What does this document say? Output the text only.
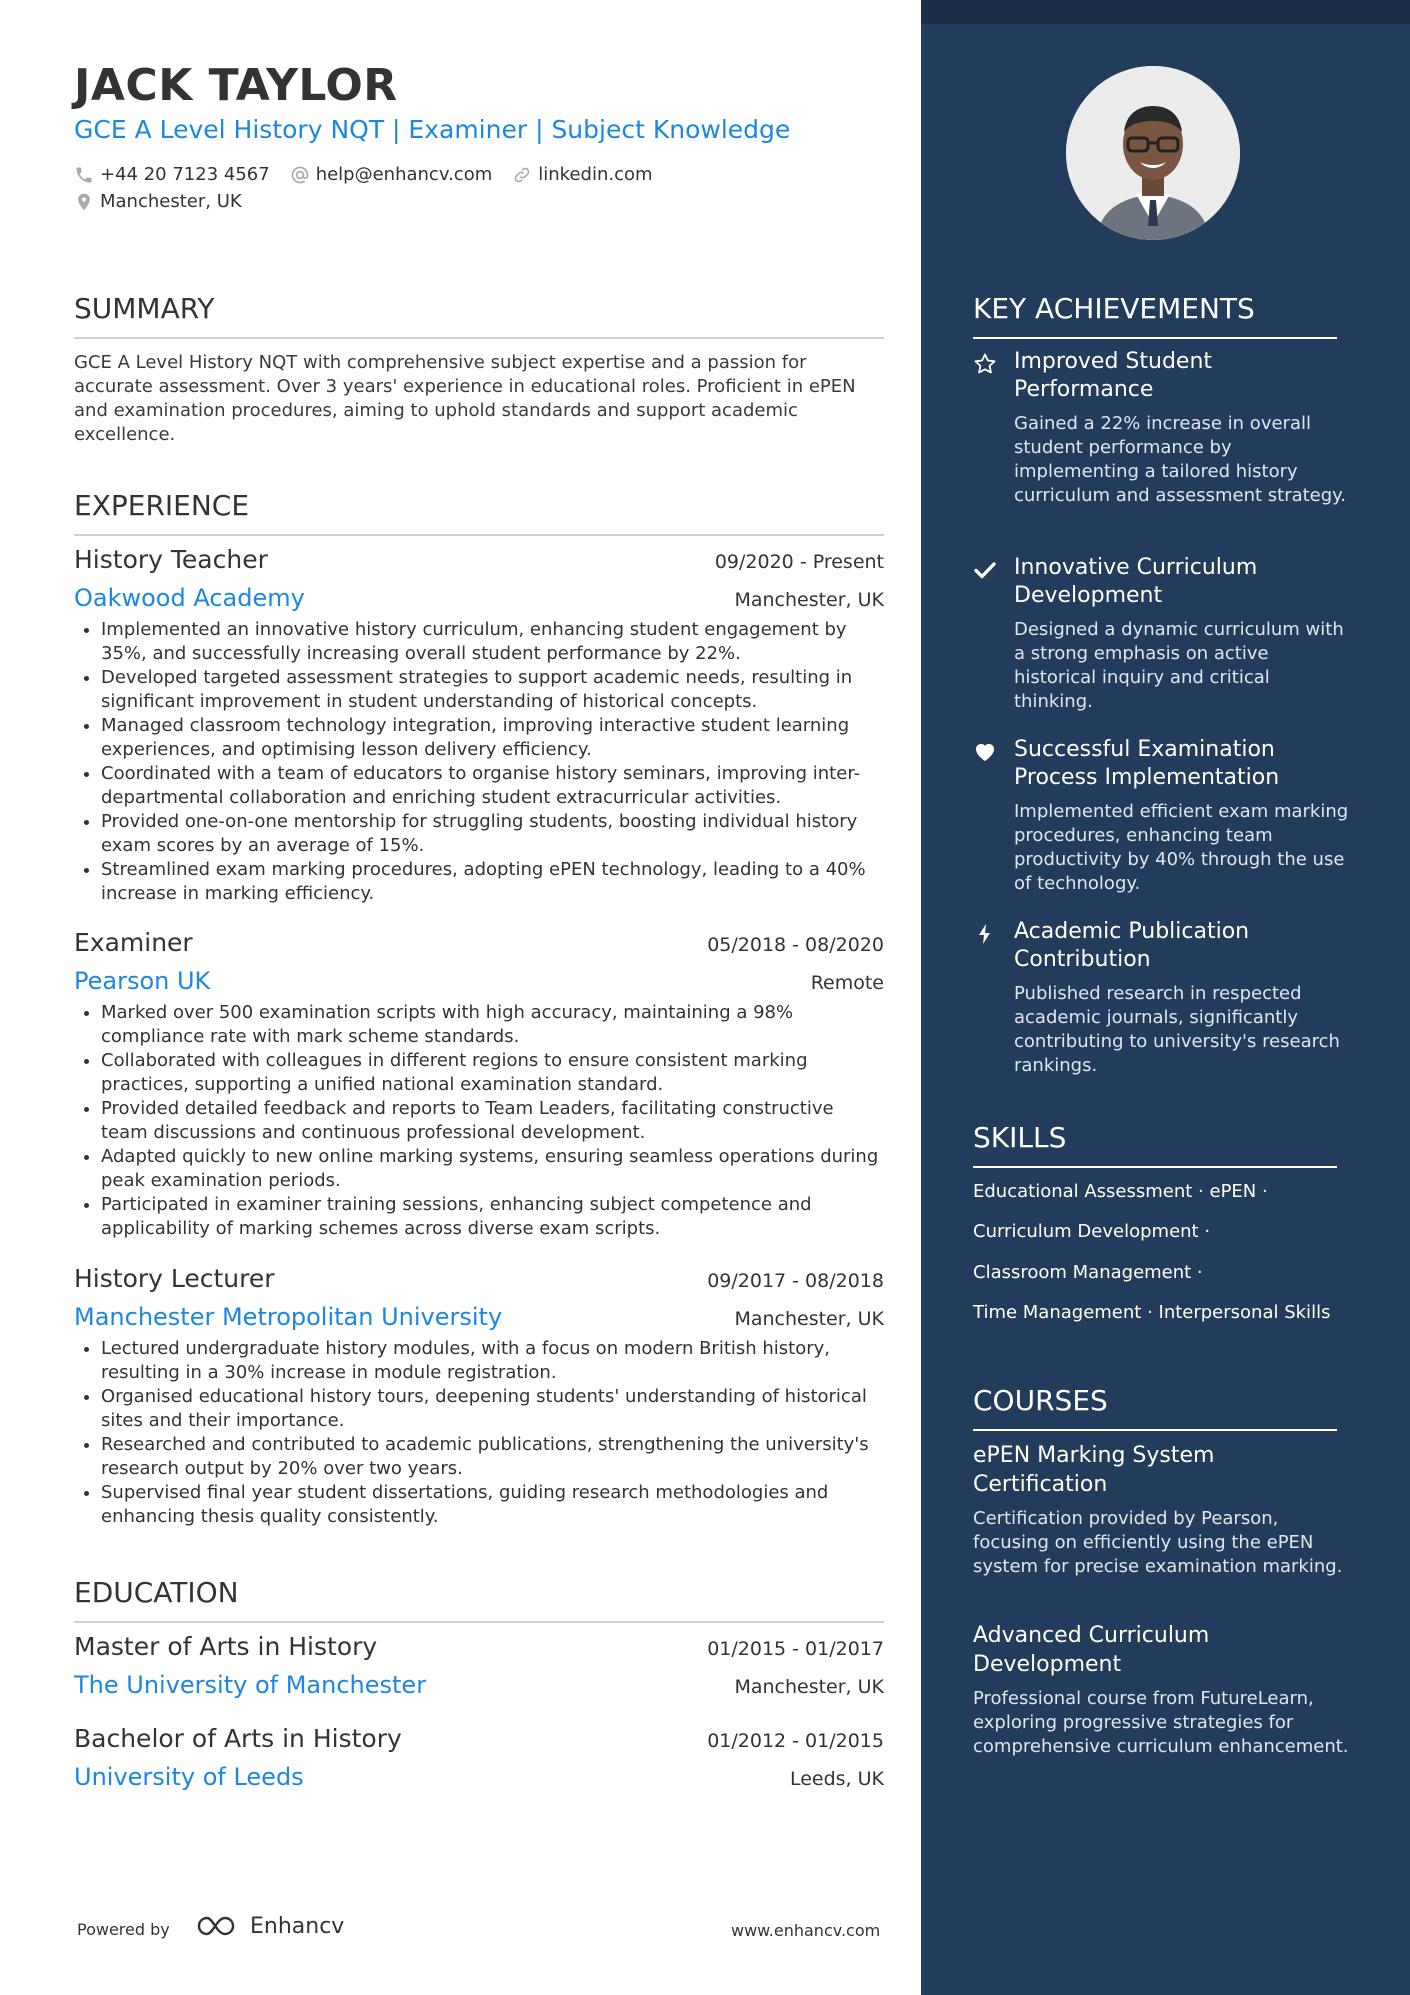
JACK TAYLOR
GCE A Level History NQT | Examiner | Subject Knowledge
+44 20 7123 4567	help@enhancv.com	linkedin.com
Manchester, UK
SUMMARY
GCE A Level History NQT with comprehensive subject expertise and a passion for accurate assessment. Over 3 years' experience in educational roles. Proficient in ePEN and examination procedures, aiming to uphold standards and support academic excellence.
EXPERIENCE
History Teacher	09/2020 - Present
Oakwood Academy	Manchester, UK
• Implemented an innovative history curriculum, enhancing student engagement by 35%, and successfully increasing overall student performance by 22%.
• Developed targeted assessment strategies to support academic needs, resulting in significant improvement in student understanding of historical concepts.
• Managed classroom technology integration, improving interactive student learning experiences, and optimising lesson delivery efficiency.
• Coordinated with a team of educators to organise history seminars, improving inter-departmental collaboration and enriching student extracurricular activities.
• Provided one-on-one mentorship for struggling students, boosting individual history exam scores by an average of 15%.
• Streamlined exam marking procedures, adopting ePEN technology, leading to a 40% increase in marking efficiency.
Examiner	05/2018 - 08/2020
Pearson UK	Remote
• Marked over 500 examination scripts with high accuracy, maintaining a 98% compliance rate with mark scheme standards.
• Collaborated with colleagues in different regions to ensure consistent marking practices, supporting a unified national examination standard.
• Provided detailed feedback and reports to Team Leaders, facilitating constructive team discussions and continuous professional development.
• Adapted quickly to new online marking systems, ensuring seamless operations during peak examination periods.
• Participated in examiner training sessions, enhancing subject competence and applicability of marking schemes across diverse exam scripts.
History Lecturer	09/2017 - 08/2018
Manchester Metropolitan University	Manchester, UK
• Lectured undergraduate history modules, with a focus on modern British history, resulting in a 30% increase in module registration.
• Organised educational history tours, deepening students' understanding of historical sites and their importance.
• Researched and contributed to academic publications, strengthening the university's research output by 20% over two years.
• Supervised final year student dissertations, guiding research methodologies and enhancing thesis quality consistently.
EDUCATION
Master of Arts in History	01/2015 - 01/2017
The University of Manchester	Manchester, UK
Bachelor of Arts in History	01/2012 - 01/2015
University of Leeds	Leeds, UK
Powered by	Enhancv	www.enhancv.com
KEY ACHIEVEMENTS
Improved Student Performance
Gained a 22% increase in overall student performance by implementing a tailored history curriculum and assessment strategy.
Innovative Curriculum Development
Designed a dynamic curriculum with a strong emphasis on active historical inquiry and critical thinking.
Successful Examination Process Implementation
Implemented efficient exam marking procedures, enhancing team productivity by 40% through the use of technology.
Academic Publication Contribution
Published research in respected academic journals, significantly contributing to university's research rankings.
SKILLS
Educational Assessment · ePEN ·
Curriculum Development ·
Classroom Management ·
Time Management · Interpersonal Skills
COURSES
ePEN Marking System Certification
Certification provided by Pearson, focusing on efficiently using the ePEN system for precise examination marking.
Advanced Curriculum Development
Professional course from FutureLearn, exploring progressive strategies for comprehensive curriculum enhancement.
